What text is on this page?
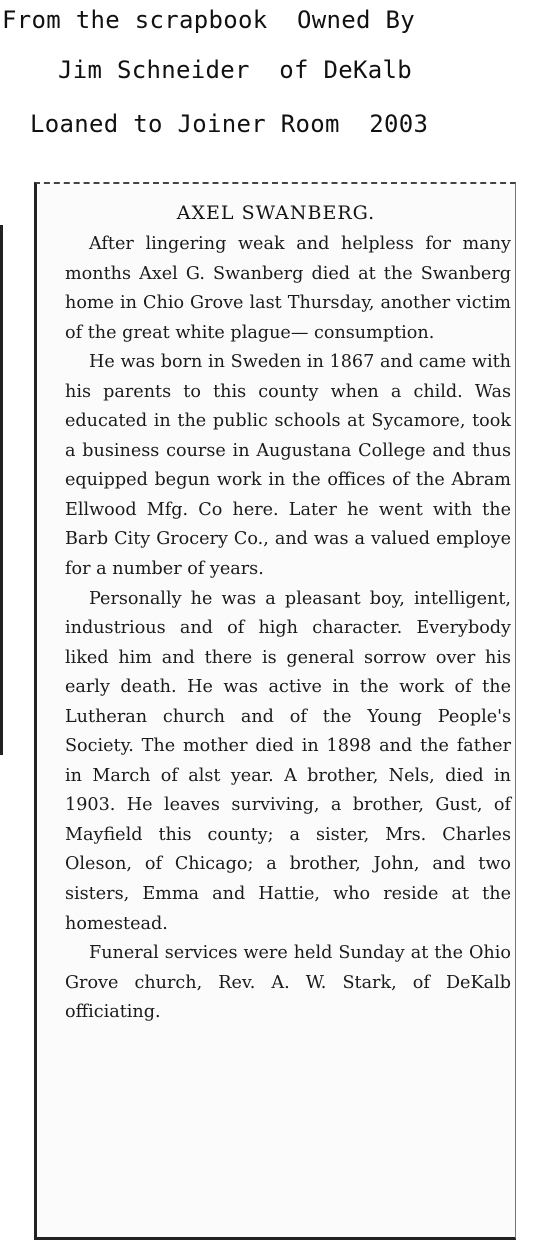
From the scrapbook  Owned By
Jim Schneider  of DeKalb
Loaned to Joiner Room  2003
AXEL SWANBERG.

After lingering weak and helpless for many months Axel G. Swanberg died at the Swanberg home in Chio Grove last Thursday, another victim of the great white plague— consumption.

He was born in Sweden in 1867 and came with his parents to this county when a child. Was educated in the public schools at Sycamore, took a business course in Augustana College and thus equipped begun work in the offices of the Abram Ellwood Mfg. Co here. Later he went with the Barb City Grocery Co., and was a valued employe for a number of years.

Personally he was a pleasant boy, intelligent, industrious and of high character. Everybody liked him and there is general sorrow over his early death. He was active in the work of the Lutheran church and of the Young People's Society. The mother died in 1898 and the father in March of alst year. A brother, Nels, died in 1903. He leaves surviving, a brother, Gust, of Mayfield this county; a sister, Mrs. Charles Oleson, of Chicago; a brother, John, and two sisters, Emma and Hattie, who reside at the homestead.

Funeral services were held Sunday at the Ohio Grove church, Rev. A. W. Stark, of DeKalb officiating.
